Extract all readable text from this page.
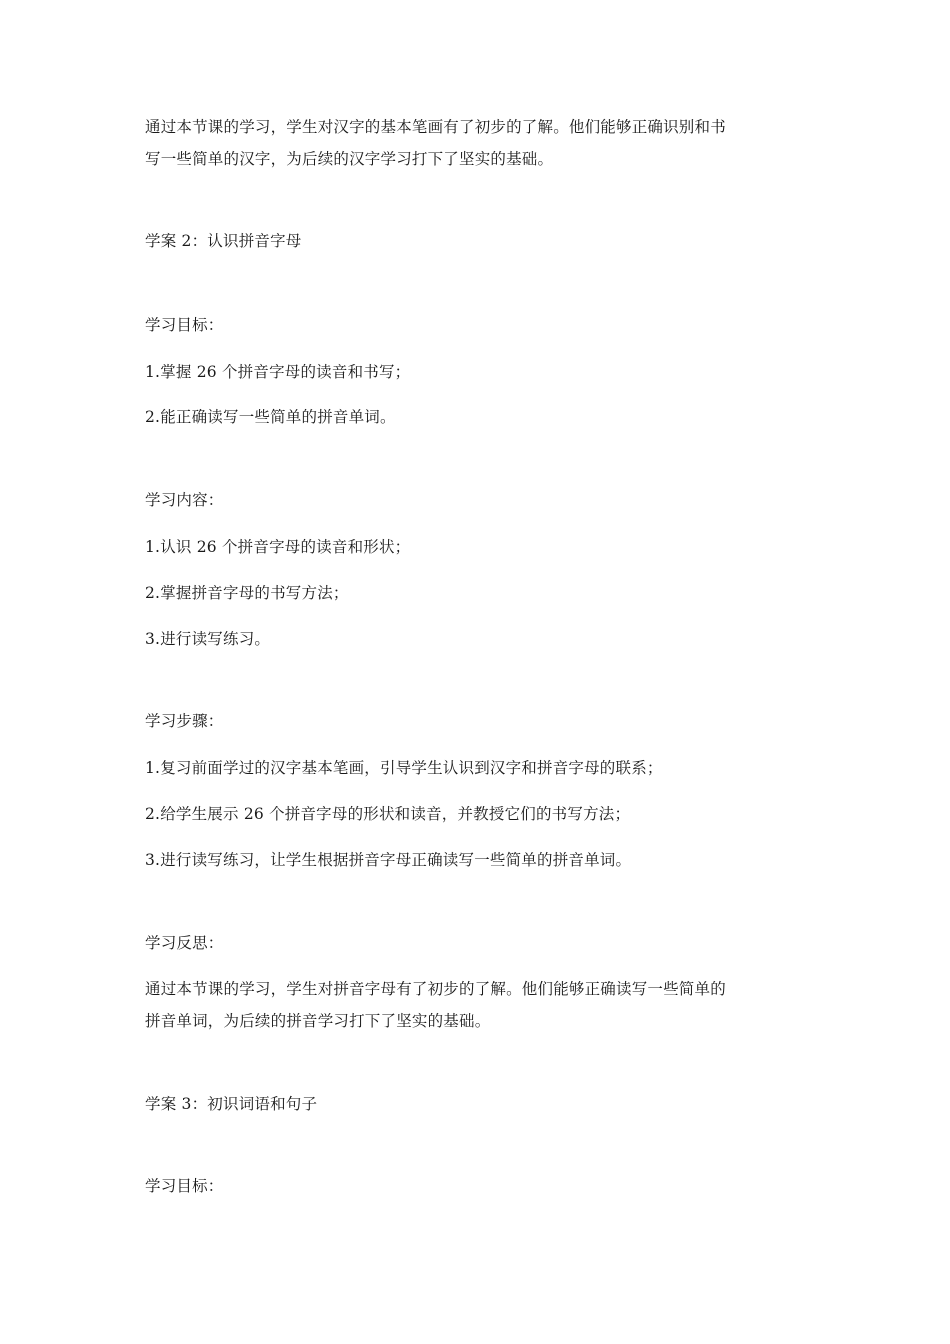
通过本节课的学习，学生对汉字的基本笔画有了初步的了解。他们能够正确识别和书
写一些简单的汉字，为后续的汉字学习打下了坚实的基础。
学案 2：认识拼音字母
学习目标：
1.掌握 26 个拼音字母的读音和书写；
2.能正确读写一些简单的拼音单词。
学习内容：
1.认识 26 个拼音字母的读音和形状；
2.掌握拼音字母的书写方法；
3.进行读写练习。
学习步骤：
1.复习前面学过的汉字基本笔画，引导学生认识到汉字和拼音字母的联系；
2.给学生展示 26 个拼音字母的形状和读音，并教授它们的书写方法；
3.进行读写练习，让学生根据拼音字母正确读写一些简单的拼音单词。
学习反思：
通过本节课的学习，学生对拼音字母有了初步的了解。他们能够正确读写一些简单的
拼音单词，为后续的拼音学习打下了坚实的基础。
学案 3：初识词语和句子
学习目标：
